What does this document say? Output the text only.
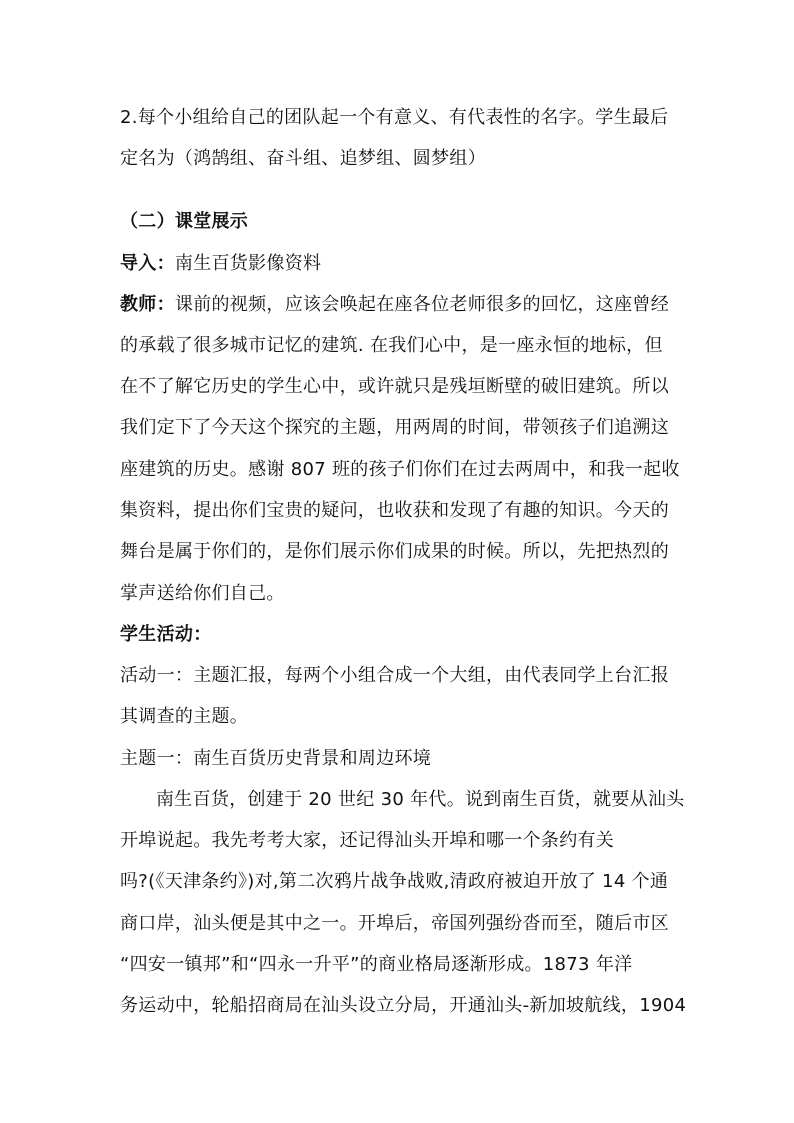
2.每个小组给自己的团队起一个有意义、有代表性的名字。学生最后
定名为（鸿鹄组、奋斗组、追梦组、圆梦组）
（二）课堂展示
导入：南生百货影像资料
教师：课前的视频，应该会唤起在座各位老师很多的回忆，这座曾经
的承载了很多城市记忆的建筑. 在我们心中，是一座永恒的地标，但
在不了解它历史的学生心中，或许就只是残垣断壁的破旧建筑。所以
我们定下了今天这个探究的主题，用两周的时间，带领孩子们追溯这
座建筑的历史。感谢 807 班的孩子们你们在过去两周中，和我一起收
集资料，提出你们宝贵的疑问，也收获和发现了有趣的知识。今天的
舞台是属于你们的，是你们展示你们成果的时候。所以，先把热烈的
掌声送给你们自己。
学生活动：
活动一：主题汇报，每两个小组合成一个大组，由代表同学上台汇报
其调查的主题。
主题一：南生百货历史背景和周边环境
南生百货，创建于 20 世纪 30 年代。说到南生百货，就要从汕头
开埠说起。我先考考大家，还记得汕头开埠和哪一个条约有关
吗?(《天津条约》)对,第二次鸦片战争战败,清政府被迫开放了 14 个通
商口岸，汕头便是其中之一。开埠后，帝国列强纷沓而至，随后市区
“四安一镇邦”和“四永一升平”的商业格局逐渐形成。1873 年洋
务运动中，轮船招商局在汕头设立分局，开通汕头-新加坡航线，1904
